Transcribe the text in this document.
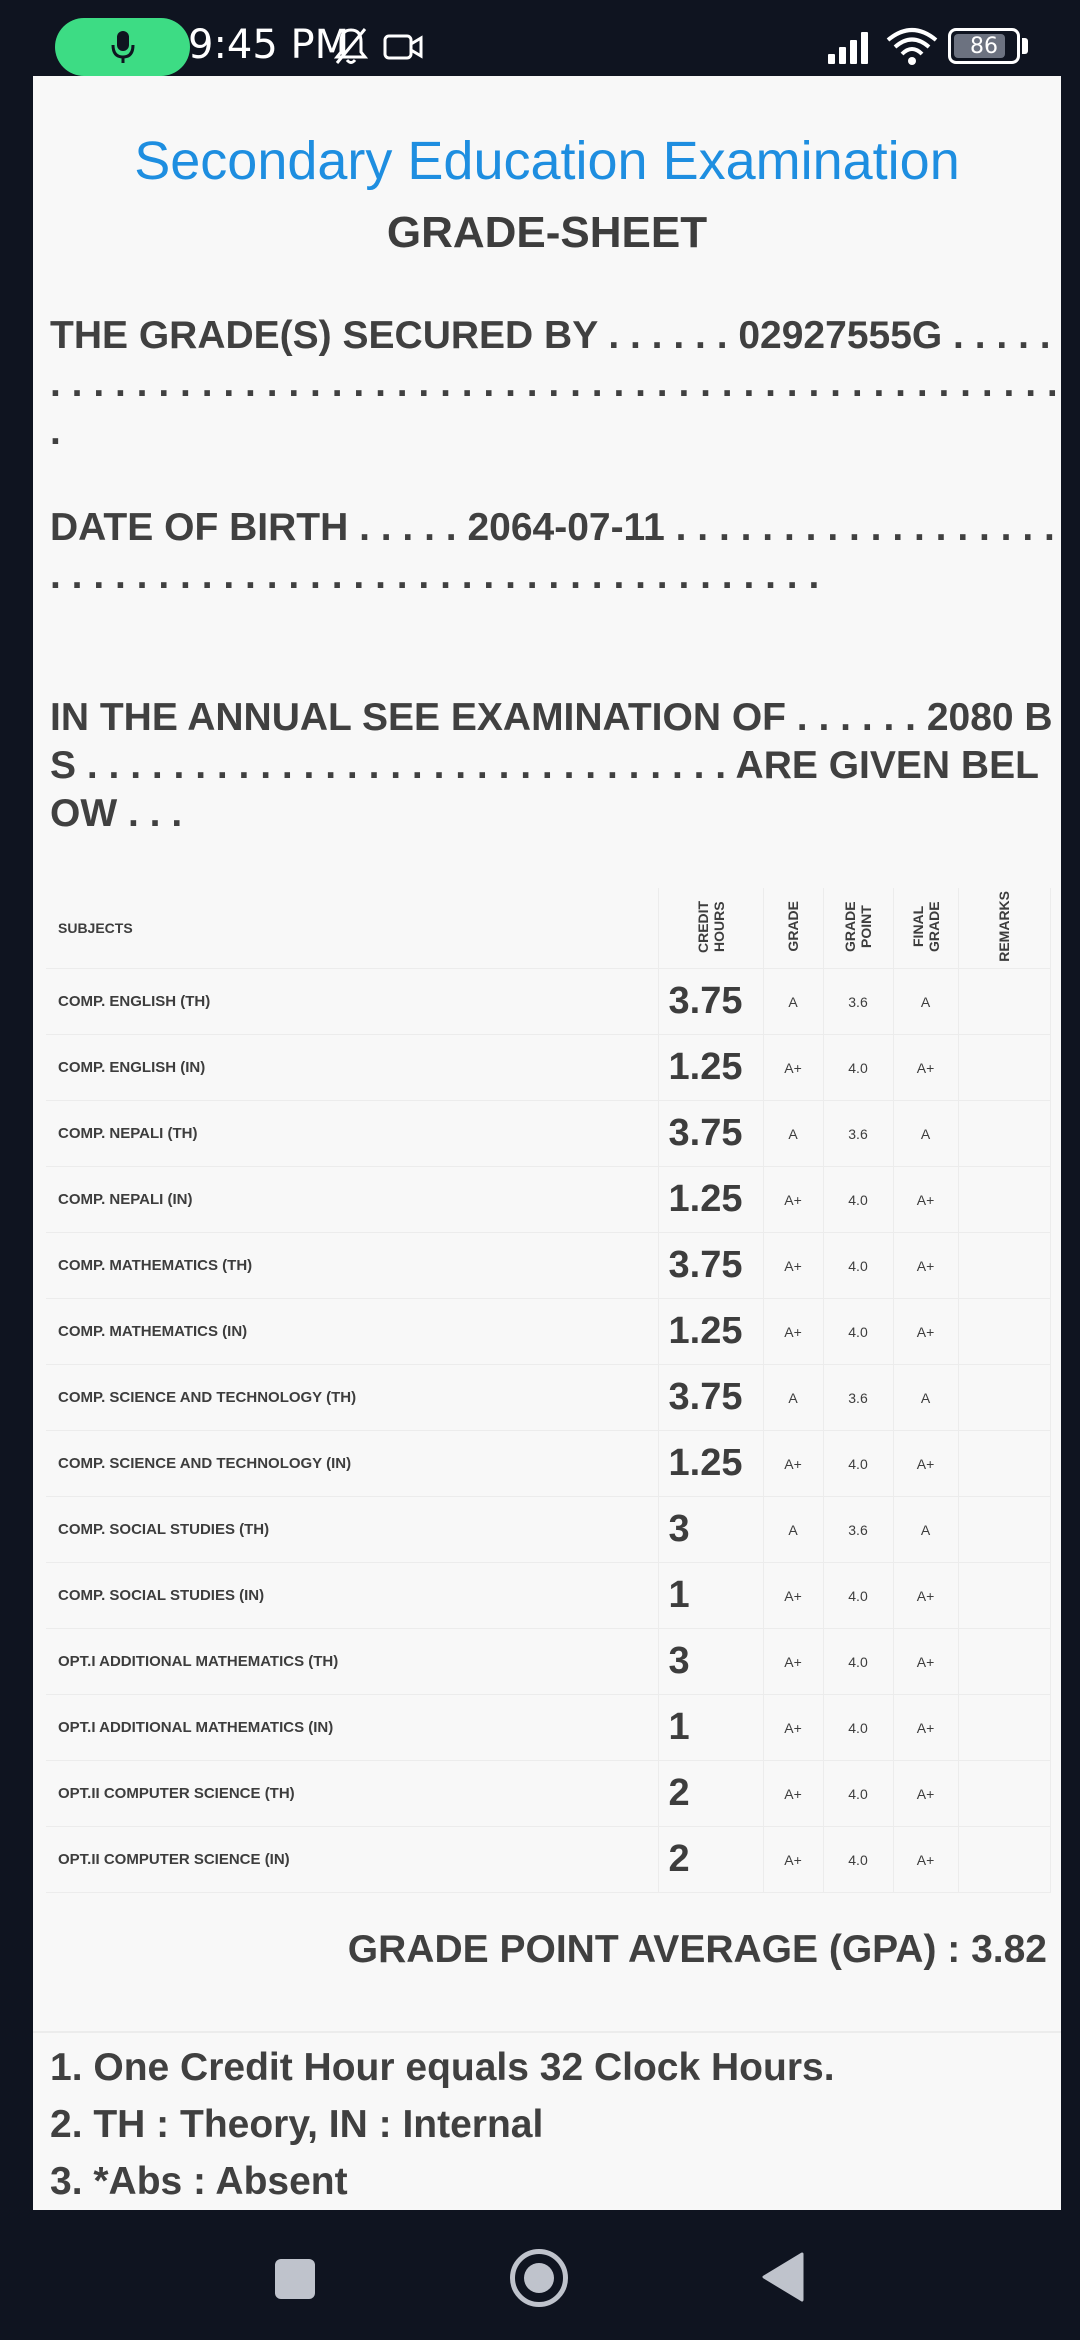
9:45 PM	86
Secondary Education Examination
GRADE-SHEET
THE GRADE(S) SECURED BY . . . . . . 02927555G . . . . . . . . . . . . . . . . . . . . . . . . . . . . . . . . . . . . . . . . . . . . . . . . . . . . .
DATE OF BIRTH . . . . . 2064-07-11 . . . . . . . . . . . . . . . . . . . . . . . . . . . . . . . . . . . . . . . . . . . . . . . . . . . . . .
IN THE ANNUAL SEE EXAMINATION OF . . . . . . 2080 BS . . . . . . . . . . . . . . . . . . . . . . . . . . . . . . ARE GIVEN BELOW . . .
SUBJECTS	CREDIT HOURS	GRADE	GRADE POINT	FINAL GRADE	REMARKS
COMP. ENGLISH (TH)	3.75	A	3.6	A	
COMP. ENGLISH (IN)	1.25	A+	4.0	A+	
COMP. NEPALI (TH)	3.75	A	3.6	A	
COMP. NEPALI (IN)	1.25	A+	4.0	A+	
COMP. MATHEMATICS (TH)	3.75	A+	4.0	A+	
COMP. MATHEMATICS (IN)	1.25	A+	4.0	A+	
COMP. SCIENCE AND TECHNOLOGY (TH)	3.75	A	3.6	A	
COMP. SCIENCE AND TECHNOLOGY (IN)	1.25	A+	4.0	A+	
COMP. SOCIAL STUDIES (TH)	3	A	3.6	A	
COMP. SOCIAL STUDIES (IN)	1	A+	4.0	A+	
OPT.I ADDITIONAL MATHEMATICS (TH)	3	A+	4.0	A+	
OPT.I ADDITIONAL MATHEMATICS (IN)	1	A+	4.0	A+	
OPT.II COMPUTER SCIENCE (TH)	2	A+	4.0	A+	
OPT.II COMPUTER SCIENCE (IN)	2	A+	4.0	A+	
GRADE POINT AVERAGE (GPA) : 3.82
1. One Credit Hour equals 32 Clock Hours.
2. TH : Theory, IN : Internal
3. *Abs : Absent
